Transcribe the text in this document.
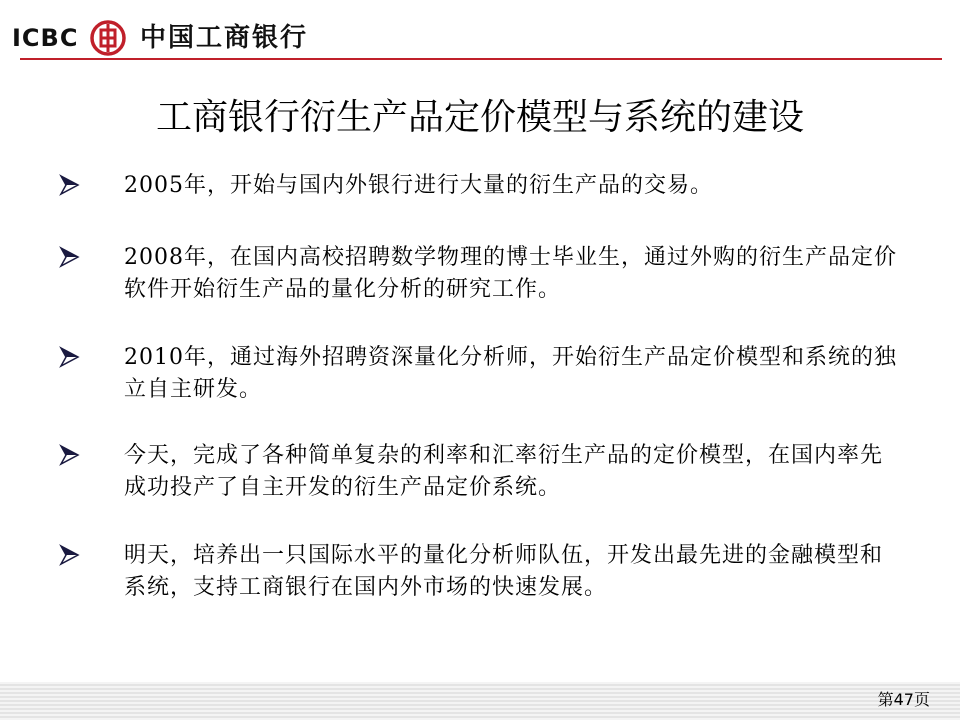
ICBC 中国工商银行
工商银行衍生产品定价模型与系统的建设
2005年，开始与国内外银行进行大量的衍生产品的交易。
2008年，在国内高校招聘数学物理的博士毕业生，通过外购的衍生产品定价软件开始衍生产品的量化分析的研究工作。
2010年，通过海外招聘资深量化分析师，开始衍生产品定价模型和系统的独立自主研发。
今天，完成了各种简单复杂的利率和汇率衍生产品的定价模型，在国内率先成功投产了自主开发的衍生产品定价系统。
明天，培养出一只国际水平的量化分析师队伍，开发出最先进的金融模型和系统，支持工商银行在国内外市场的快速发展。
第47页
